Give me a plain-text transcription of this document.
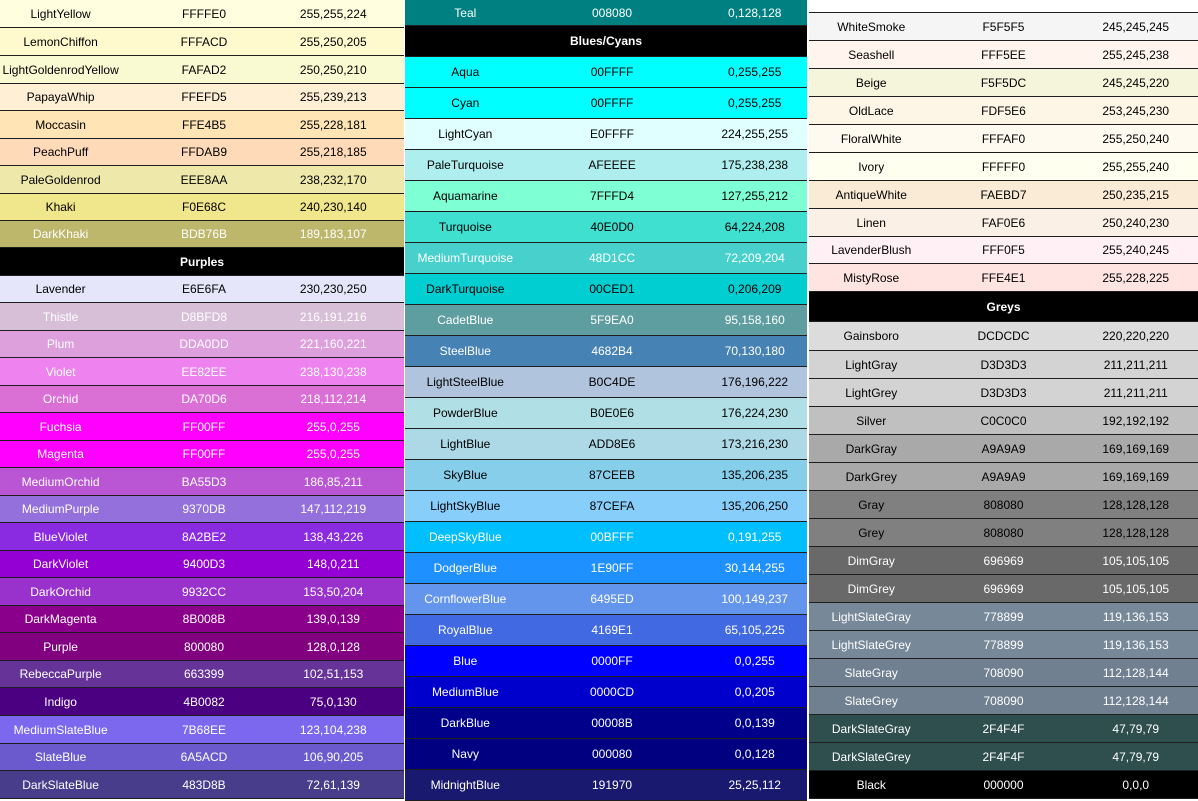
LightYellow	FFFFE0	255,255,224
LemonChiffon	FFFACD	255,250,205
LightGoldenrodYellow	FAFAD2	250,250,210
PapayaWhip	FFEFD5	255,239,213
Moccasin	FFE4B5	255,228,181
PeachPuff	FFDAB9	255,218,185
PaleGoldenrod	EEE8AA	238,232,170
Khaki	F0E68C	240,230,140
DarkKhaki	BDB76B	189,183,107
Purples
Lavender	E6E6FA	230,230,250
Thistle	D8BFD8	216,191,216
Plum	DDA0DD	221,160,221
Violet	EE82EE	238,130,238
Orchid	DA70D6	218,112,214
Fuchsia	FF00FF	255,0,255
Magenta	FF00FF	255,0,255
MediumOrchid	BA55D3	186,85,211
MediumPurple	9370DB	147,112,219
BlueViolet	8A2BE2	138,43,226
DarkViolet	9400D3	148,0,211
DarkOrchid	9932CC	153,50,204
DarkMagenta	8B008B	139,0,139
Purple	800080	128,0,128
RebeccaPurple	663399	102,51,153
Indigo	4B0082	75,0,130
MediumSlateBlue	7B68EE	123,104,238
SlateBlue	6A5ACD	106,90,205
DarkSlateBlue	483D8B	72,61,139
Teal	008080	0,128,128
Blues/Cyans
Aqua	00FFFF	0,255,255
Cyan	00FFFF	0,255,255
LightCyan	E0FFFF	224,255,255
PaleTurquoise	AFEEEE	175,238,238
Aquamarine	7FFFD4	127,255,212
Turquoise	40E0D0	64,224,208
MediumTurquoise	48D1CC	72,209,204
DarkTurquoise	00CED1	0,206,209
CadetBlue	5F9EA0	95,158,160
SteelBlue	4682B4	70,130,180
LightSteelBlue	B0C4DE	176,196,222
PowderBlue	B0E0E6	176,224,230
LightBlue	ADD8E6	173,216,230
SkyBlue	87CEEB	135,206,235
LightSkyBlue	87CEFA	135,206,250
DeepSkyBlue	00BFFF	0,191,255
DodgerBlue	1E90FF	30,144,255
CornflowerBlue	6495ED	100,149,237
RoyalBlue	4169E1	65,105,225
Blue	0000FF	0,0,255
MediumBlue	0000CD	0,0,205
DarkBlue	00008B	0,0,139
Navy	000080	0,0,128
MidnightBlue	191970	25,25,112
WhiteSmoke	F5F5F5	245,245,245
Seashell	FFF5EE	255,245,238
Beige	F5F5DC	245,245,220
OldLace	FDF5E6	253,245,230
FloralWhite	FFFAF0	255,250,240
Ivory	FFFFF0	255,255,240
AntiqueWhite	FAEBD7	250,235,215
Linen	FAF0E6	250,240,230
LavenderBlush	FFF0F5	255,240,245
MistyRose	FFE4E1	255,228,225
Greys
Gainsboro	DCDCDC	220,220,220
LightGray	D3D3D3	211,211,211
LightGrey	D3D3D3	211,211,211
Silver	C0C0C0	192,192,192
DarkGray	A9A9A9	169,169,169
DarkGrey	A9A9A9	169,169,169
Gray	808080	128,128,128
Grey	808080	128,128,128
DimGray	696969	105,105,105
DimGrey	696969	105,105,105
LightSlateGray	778899	119,136,153
LightSlateGrey	778899	119,136,153
SlateGray	708090	112,128,144
SlateGrey	708090	112,128,144
DarkSlateGray	2F4F4F	47,79,79
DarkSlateGrey	2F4F4F	47,79,79
Black	000000	0,0,0
